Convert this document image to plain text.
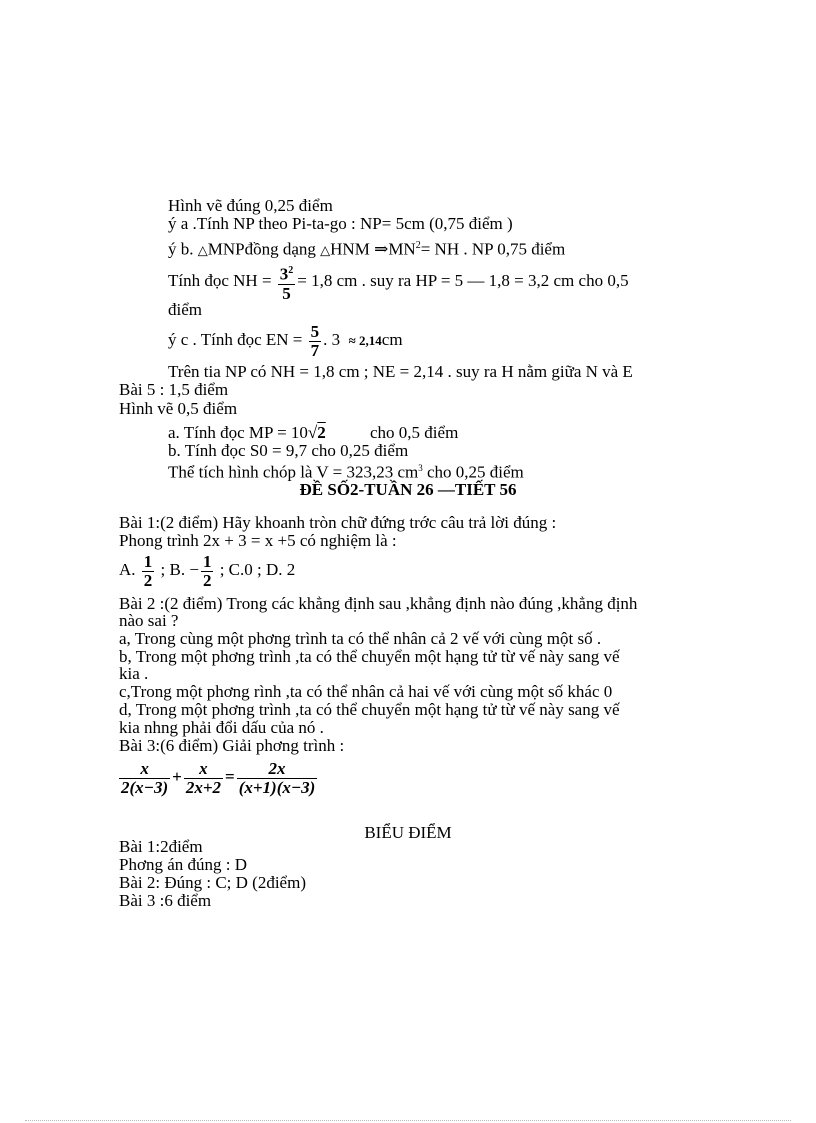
Hình vẽ đúng 0,25 điểm
ý a .Tính NP theo Pi-ta-go : NP= 5cm (0,75 điểm )
ý b. △MNPđồng dạng △HNM $\Rightarrow MN^2=$ NH . NP 0,75 điểm
Tính đọc NH = $\frac{3^2}{5} = 1,8$ cm . suy ra HP = 5 — 1,8 = 3,2 cm cho 0,5
điểm
ý c . Tính đọc EN = $\frac{5}{7}$ . 3 ≈ 2,14cm
Trên tia NP có NH = 1,8 cm ; NE = 2,14 . suy ra H nằm giữa N và E
Bài 5 : 1,5 điểm
Hình vẽ 0,5 điểm
a. Tính đọc MP = 10√2	cho 0,5 điểm
b. Tính đọc S0 = 9,7 cho 0,25 điểm
Thể tích hình chóp là V = 323,23 $cm^3$ cho 0,25 điểm
ĐỀ SỐ2-TUẦN 26 —TIẾT 56
Bài 1:(2 điểm) Hãy khoanh tròn chữ đứng trớc câu trả lời đúng :
Phong trình 2x + 3 = x +5 có nghiệm là :
A. $\frac{1}{2}$ ; B. − $\frac{1}{2}$ ; C.0 ; D. 2
Bài 2 :(2 điểm) Trong các khẳng định sau ,khẳng định nào đúng ,khẳng định
nào sai ?
a, Trong cùng một phơng trình ta có thể nhân cả 2 vế với cùng một số .
b, Trong một phơng trình ,ta có thể chuyển một hạng tử từ vế này sang vế
kia .
c,Trong một phơng rình ,ta có thể nhân cả hai vế với cùng một số khác 0
d, Trong một phơng trình ,ta có thể chuyển một hạng tử từ vế này sang vế
kia nhng phải đổi dấu của nó .
Bài 3:(6 điểm) Giải phơng trình :
$\frac{x}{2(x-3)} + \frac{x}{2x+2} = \frac{2x}{(x+1)(x-3)}$
BIỂU ĐIỂM
Bài 1:2điểm
Phơng án đúng : D
Bài 2: Đúng : C; D (2điểm)
Bài 3 :6 điểm
